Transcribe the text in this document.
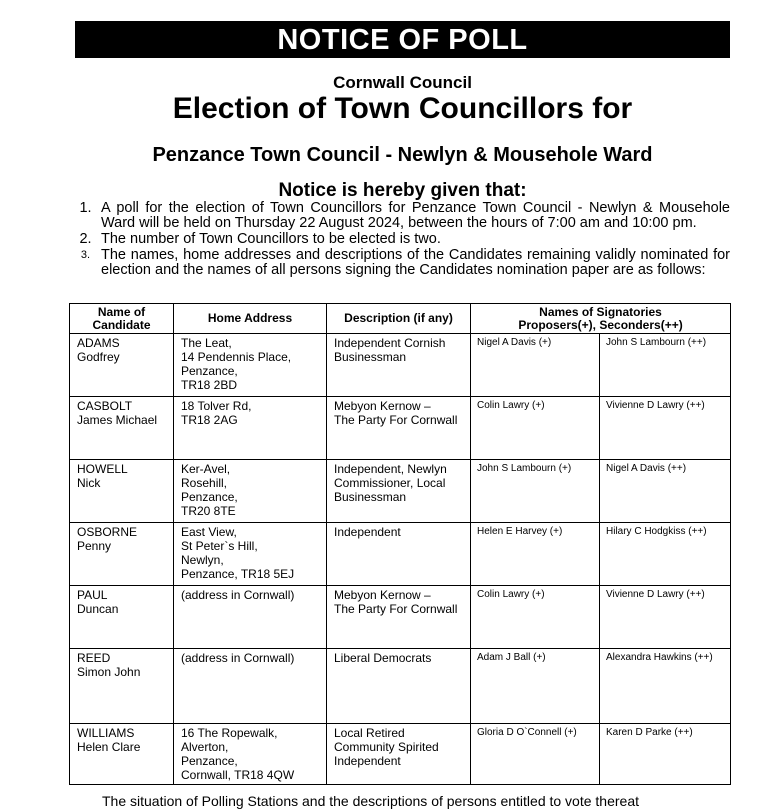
NOTICE OF POLL
Cornwall Council
Election of Town Councillors for
Penzance Town Council - Newlyn & Mousehole Ward
Notice is hereby given that:
1. A poll for the election of Town Councillors for Penzance Town Council - Newlyn & Mousehole Ward will be held on Thursday 22 August 2024, between the hours of 7:00 am and 10:00 pm.
2. The number of Town Councillors to be elected is two.
3. The names, home addresses and descriptions of the Candidates remaining validly nominated for election and the names of all persons signing the Candidates nomination paper are as follows:
Name of Candidate	Home Address	Description (if any)	Names of Signatories
Proposers(+), Seconders(++)	

ADAMS
Godfrey	The Leat,
14 Pendennis Place,
Penzance,
TR18 2BD	Independent Cornish
Businessman	Nigel A Davis (+)	John S Lambourn (++)

CASBOLT
James Michael	18 Tolver Rd,
TR18 2AG	Mebyon Kernow –
The Party For Cornwall	Colin Lawry (+)	Vivienne D Lawry (++)

HOWELL
Nick	Ker-Avel,
Rosehill,
Penzance,
TR20 8TE	Independent, Newlyn
Commissioner, Local
Businessman	John S Lambourn (+)	Nigel A Davis (++)

OSBORNE
Penny	East View,
St Peter`s Hill,
Newlyn,
Penzance, TR18 5EJ	Independent	Helen E Harvey (+)	Hilary C Hodgkiss (++)

PAUL
Duncan	(address in Cornwall)	Mebyon Kernow –
The Party For Cornwall	Colin Lawry (+)	Vivienne D Lawry (++)

REED
Simon John	(address in Cornwall)	Liberal Democrats	Adam J Ball (+)	Alexandra Hawkins (++)

WILLIAMS
Helen Clare	16 The Ropewalk,
Alverton,
Penzance,
Cornwall, TR18 4QW	Local Retired
Community Spirited
Independent	Gloria D O`Connell (+)	Karen D Parke (++)
The situation of Polling Stations and the descriptions of persons entitled to vote thereat
